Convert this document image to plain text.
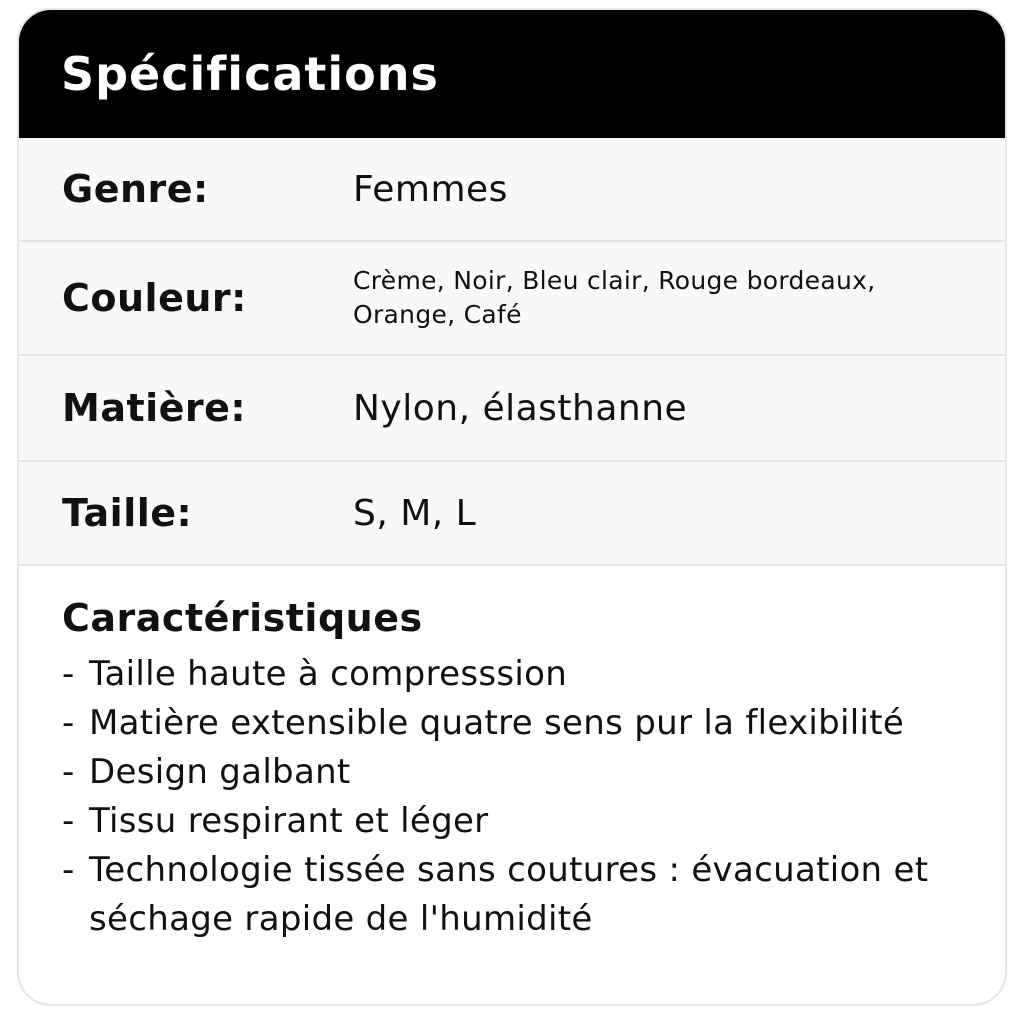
Spécifications
Genre:	Femmes
Couleur:	Crème, Noir, Bleu clair, Rouge bordeaux, Orange, Café
Matière:	Nylon, élasthanne
Taille:	S, M, L
Caractéristiques
- Taille haute à compresssion
- Matière extensible quatre sens pur la flexibilité
- Design galbant
- Tissu respirant et léger
- Technologie tissée sans coutures : évacuation et séchage rapide de l'humidité
